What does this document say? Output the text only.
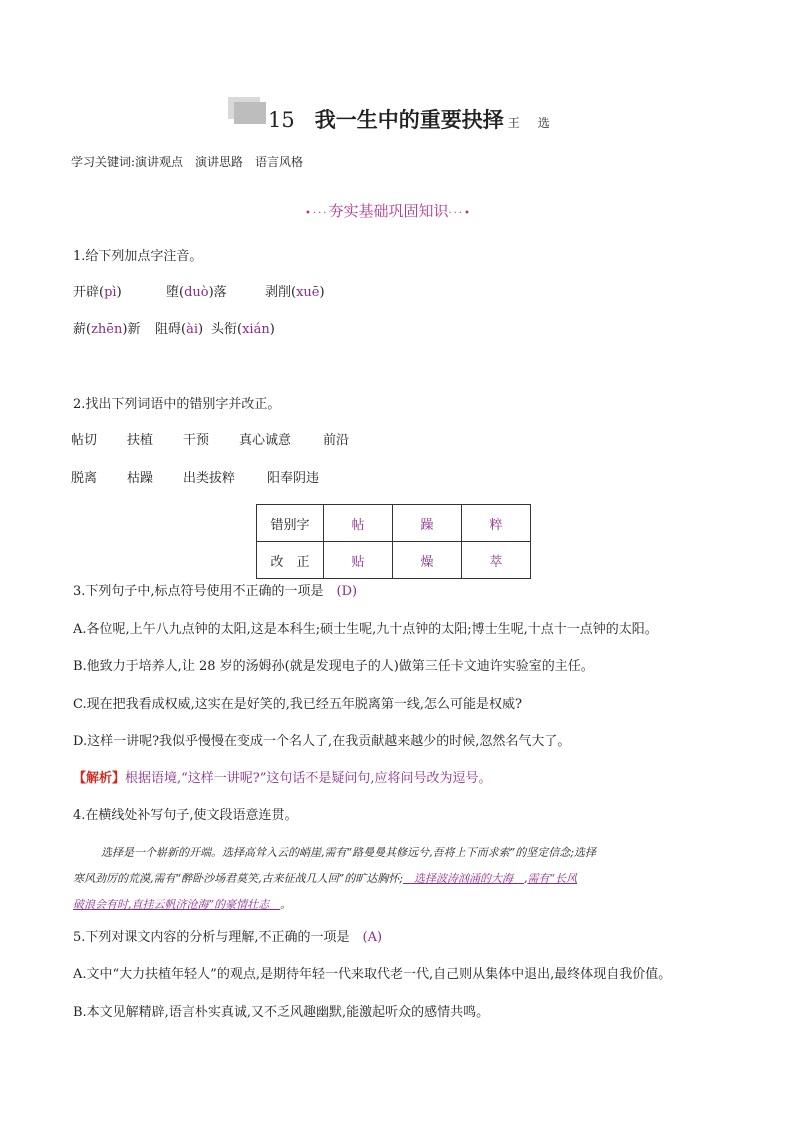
15 我一生中的重要抉择 王 选
学习关键词:演讲观点　演讲思路　语言风格
•···夯实基础巩固知识···•
1.给下列加点字注音。
开辟(pì)	堕(duò)落	剥削(xuē)
薪(zhēn)新 阻碍(ài) 头衔(xián)
2.找出下列词语中的错别字并改正。
帖切 扶植 干预 真心诚意 前沿
脱离 枯躁 出类拔粹 阳奉阴违
错别字	帖	躁	粹
改　正	贴	燥	萃
3.下列句子中,标点符号使用不正确的一项是　(D)
A.各位呢,上午八九点钟的太阳,这是本科生;硕士生呢,九十点钟的太阳;博士生呢,十点十一点钟的太阳。
B.他致力于培养人,让 28 岁的汤姆孙(就是发现电子的人)做第三任卡文迪许实验室的主任。
C.现在把我看成权威,这实在是好笑的,我已经五年脱离第一线,怎么可能是权威?
D.这样一讲呢?我似乎慢慢在变成一个名人了,在我贡献越来越少的时候,忽然名气大了。
【解析】根据语境,“这样一讲呢?”这句话不是疑问句,应将问号改为逗号。
4.在横线处补写句子,使文段语意连贯。
选择是一个崭新的开端。选择高耸入云的峭崖,需有“路曼曼其修远兮,吾将上下而求索”的坚定信念;选择
寒风劲厉的荒漠,需有“醉卧沙场君莫笑,古来征战几人回”的旷达胸怀;　选择波涛汹涌的大海　,需有“长风
破浪会有时,直挂云帆济沧海”的豪情壮志　。
5.下列对课文内容的分析与理解,不正确的一项是　(A)
A.文中“大力扶植年轻人”的观点,是期待年轻一代来取代老一代,自己则从集体中退出,最终体现自我价值。
B.本文见解精辟,语言朴实真诚,又不乏风趣幽默,能激起听众的感情共鸣。
